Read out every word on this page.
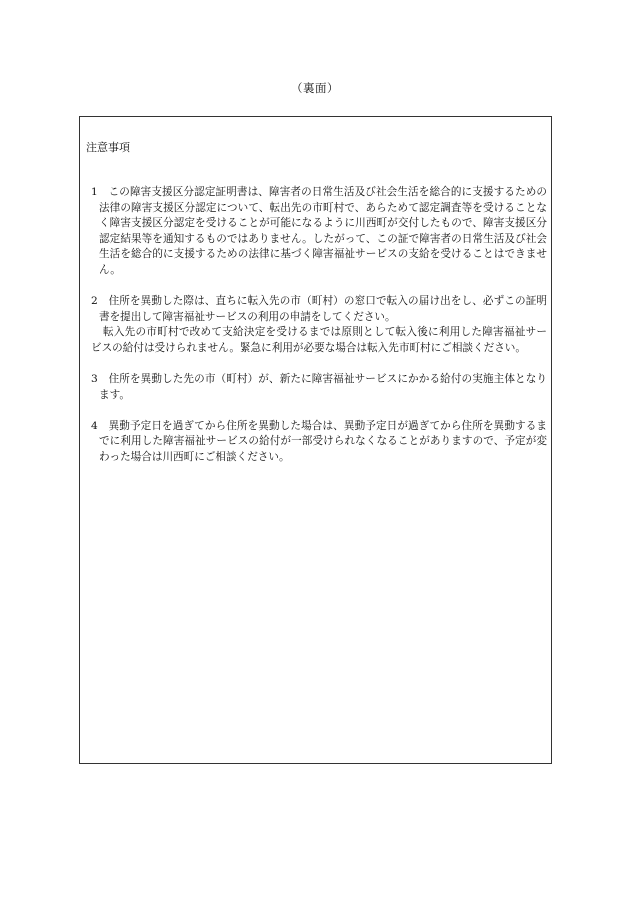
（裏面）
注意事項

1　 この障害支援区分認定証明書は、障害者の日常生活及び社会生活を総合的に支援するための法律の障害支援区分認定について、転出先の市町村で、あらためて認定調査等を受けることなく障害支援区分認定を受けることが可能になるように川西町が交付したもので、障害支援区分認定結果等を通知するものではありません。したがって、この証で障害者の日常生活及び社会生活を総合的に支援するための法律に基づく障害福祉サービスの支給を受けることはできません。

2　 住所を異動した際は、直ちに転入先の市（町村）の窓口で転入の届け出をし、必ずこの証明書を提出して障害福祉サービスの利用の申請をしてください。

転入先の市町村で改めて支給決定を受けるまでは原則として転入後に利用した障害福祉サービスの給付は受けられません。緊急に利用が必要な場合は転入先市町村にご相談ください。

3　 住所を異動した先の市（町村）が、新たに障害福祉サービスにかかる給付の実施主体となります。

4　 異動予定日を過ぎてから住所を異動した場合は、異動予定日が過ぎてから住所を異動するまでに利用した障害福祉サービスの給付が一部受けられなくなることがありますので、予定が変わった場合は川西町にご相談ください。
